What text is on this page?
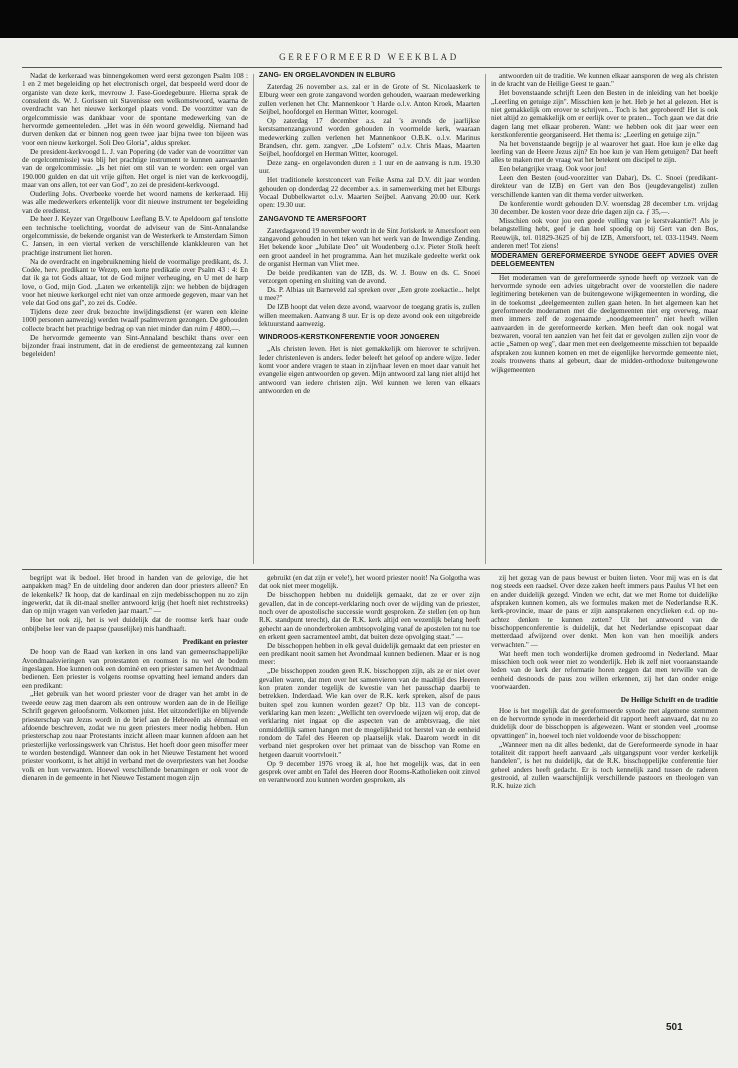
GEREFORMEERD WEEKBLAD

Nadat de kerkeraad was binnengekomen werd eerst gezongen Psalm 108 : 1 en 2 met begeleiding op het electronisch orgel, dat bespeeld werd door de organiste van deze kerk, mevrouw J. Fase-Goedegebuure. Hierna sprak de consulent ds. W. J. Gorissen uit Stavenisse een welkomstwoord, waarna de overdracht van het nieuwe kerkorgel plaats vond. De voorzitter van de orgelcommissie was dankbaar voor de spontane medewerking van de hervormde gemeenteleden. „Het was in één woord geweldig. Niemand had durven denken dat er binnen nog geen twee jaar bijna twee ton bijeen was voor een nieuw kerkorgel. Soli Deo Gloria", aldus spreker.

De president-kerkvoogd L. J. van Popering (de vader van de voorzitter van de orgelcommissie) was blij het prachtige instrument te kunnen aanvaarden van de orgelcommissie. „Is het niet om stil van te worden: een orgel van 190.000 gulden en dat uit vrije giften. Het orgel is niet van de kerkvoogdij, maar van ons allen, tot eer van God", zo zei de president-kerkvoogd.

Ouderling Johs. Overbeeke voerde het woord namens de kerkeraad. Hij was alle medewerkers erkentelijk voor dit nieuwe instrument ter begeleiding van de eredienst.

De heer J. Keyzer van Orgelbouw Leeflang B.V. te Apeldoorn gaf tenslotte een technische toelichting, voordat de adviseur van de Sint-Annalandse orgelcommissie, de bekende organist van de Westerkerk te Amsterdam Simon C. Jansen, in een viertal verken de verschillende klankkleuren van het prachtige instrument liet horen.

Na de overdracht en ingebruikneming hield de voormalige predikant, ds. J. Codée, herv. predikant te Wezep, een korte predikatie over Psalm 43 : 4: En dat ik ga tot Gods altaar, tot de God mijner verheuging, en U met de harp love, o God, mijn God. „Laten we erkentelijk zijn: we hebben de bijdragen voor het nieuwe kerkorgel echt niet van onze armoede gegeven, maar van het vele dat God ons gaf", zo zei ds. Codée.

Tijdens deze zeer druk bezochte inwijdingsdienst (er waren een kleine 1000 personen aanwezig) werden twaalf psalmverzen gezongen. De gehouden collecte bracht het prachtige bedrag op van niet minder dan ruim ƒ 4800,—.

De hervormde gemeente van Sint-Annaland beschikt thans over een bijzonder fraai instrument, dat in de eredienst de gemeentezang zal kunnen begeleiden!

ZANG- EN ORGELAVONDEN IN ELBURG

Zaterdag 26 november a.s. zal er in de Grote of St. Nicolaaskerk te Elburg weer een grote zangavond worden gehouden, waaraan medewerking zullen verlenen het Chr. Mannenkoor 't Harde o.l.v. Anton Kroek, Maarten Seijbel, hoofdorgel en Herman Witter, koorogel.

Op zaterdag 17 december a.s. zal 's avonds de jaarlijkse kerstsamenzangavond worden gehouden in voormelde kerk, waaraan medewerking zullen verlenen het Mannenkoor O.B.K. o.l.v. Marinus Brandsen, chr. gem. zangver. „De Lofstem" o.l.v. Chris Maas, Maarten Seijbel, hoofdorgel en Herman Witter, koorogel.

Deze zang- en orgelavonden duren ± 1 uur en de aanvang is n.m. 19.30 uur.

Het traditionele kerstconcert van Feike Asma zal D.V. dit jaar worden gehouden op donderdag 22 december a.s. in samenwerking met het Elburgs Vocaal Dubbelkwartet o.l.v. Maarten Seijbel. Aanvang 20.00 uur. Kerk open: 19.30 uur.

ZANGAVOND TE AMERSFOORT

Zaterdagavond 19 november wordt in de Sint Joriskerk te Amersfoort een zangavond gehouden in het teken van het werk van de Inwendige Zending. Het bekende koor „Jubilate Deo" uit Woudenberg o.l.v. Pieter Stolk heeft een groot aandeel in het programma. Aan het muzikale gedeelte werkt ook de organist Herman van Vliet mee.

De beide predikanten van de IZB, ds. W. J. Bouw en ds. C. Snoei verzorgen opening en sluiting van de avond.

Ds. P. Albias uit Barneveld zal spreken over „Een grote zoekactie... helpt u mee?"

De IZB hoopt dat velen deze avond, waarvoor de toegang gratis is, zullen willen meemaken. Aanvang 8 uur. Er is op deze avond ook een uitgebreide lektuurstand aanwezig.

WINDROOS-KERSTKONFERENTIE VOOR JONGEREN

„Als christen leven. Het is niet gemakkelijk om hierover te schrijven. Ieder christenleven is anders. Ieder beleeft het geloof op andere wijze. Ieder komt voor andere vragen te staan in zijn/haar leven en moet daar vanuit het evangelie eigen antwoorden op geven. Mijn antwoord zal lang niet altijd het antwoord van iedere christen zijn. Wel kunnen we leren van elkaars antwoorden en de

antwoorden uit de traditie. We kunnen elkaar aansporen de weg als christen in de kracht van de Heilige Geest te gaan."

Het bovenstaande schrijft Leen den Besten in de inleiding van het boekje „Leerling en getuige zijn". Misschien ken je het. Heb je het al gelezen. Het is niet gemakkelijk om erover te schrijven... Toch is het geprobeerd! Het is ook niet altijd zo gemakkelijk om er eerlijk over te praten... Toch gaan we dat drie dagen lang met elkaar proberen. Want: we hebben ook dit jaar weer een kerstkonferentie georganiseerd. Het thema is: „Leerling en getuige zijn."

Na het bovenstaande begrijp je al waarover het gaat. Hoe kun je elke dag leerling van de Heere Jezus zijn? En hoe kun je van Hem getuigen? Dat heeft alles te maken met de vraag wat het betekent om discipel te zijn.

Een belangrijke vraag. Ook voor jou!

Leen den Besten (oud-voorzitter van Dabar), Ds. C. Snoei (predikant-direkteur van de IZB) en Gert van den Bos (jeugdevangelist) zullen verschillende kanten van dit thema verder uitwerken.

De konferentie wordt gehouden D.V. woensdag 28 december t.m. vrijdag 30 december. De kosten voor deze drie dagen zijn ca. ƒ 35,—.

Misschien ook voor jou een goede vulling van je kerstvakantie?! Als je belangstelling hebt, geef je dan heel spoedig op bij Gert van den Bos, Reeuwijk, tel. 01829-3625 of bij de IZB, Amersfoort, tel. 033-11949. Neem anderen met! Tot ziens!

MODERAMEN GEREFORMEERDE SYNODE GEEFT ADVIES OVER DEELGEMEENTEN

Het moderamen van de gereformeerde synode heeft op verzoek van de hervormde synode een advies uitgebracht over de voorstellen die nadere legitimering betekenen van de buitengewone wijkgemeenten in wording, die in de toekomst „deelgemeenten zullen gaan heten. In het algemeen kan het gereformeerde moderamen met die deelgemeenten niet erg overweg, maar men immers zelf de zogenaamde „noodgemeenten" niet heeft willen aanvaarden in de gereformeerde kerken. Men heeft dan ook nogal wat bezwaren, vooral ten aanzien van het feit dat er gevolgen zullen zijn voor de actie „Samen op weg", daar men met een deelgemeente misschien tot bepaalde afspraken zou kunnen komen en met de eigenlijke hervormde gemeente niet, zoals trouwens thans al gebeurt, daar de midden-orthodoxe buitengewone wijkgemeenten

begrijpt wat ik bedoel. Het brood in handen van de gelovige, die het aanpakken mag? En de uitdeling door anderen dan door priesters alleen? En de lekenkelk? Ik hoop, dat de kardinaal en zijn medebisschoppen nu zo zijn ingewerkt, dat ik dit-maal sneller antwoord krijg (het hoeft niet rechtstreeks) dan op mijn vragen van verleden jaar maart." —

Hoe het ook zij, het is wel duidelijk dat de roomse kerk haar oude onbijbelse leer van de paapse (pauselijke) mis handhaaft.

Predikant en priester

De hoop van de Raad van kerken in ons land van gemeenschappelijke Avondmaalsvieringen van protestanten en roomsen is nu wel de bodem ingeslagen. Hoe kunnen ook een dominé en een priester samen het Avondmaal bedienen. Een priester is volgens roomse opvatting heel iemand anders dan een predikant:

„Het gebruik van het woord priester voor de drager van het ambt in de tweede eeuw zag men daarom als een ontrouw worden aan de in de Heilige Schrift gegeven geloofsnorm. Volkomen juist. Het uitzonderlijke en blijvende priesterschap van Jezus wordt in de brief aan de Hebreeën als éénmaal en afdoende beschreven, zodat we nu geen priesters meer nodig hebben. Hun priesterschap zou naar Protestants inzicht alleen maar kunnen afdoen aan het priesterlijke verlossingswerk van Christus. Het hoeft door geen misoffer meer te worden bestendigd. Wanneer dan ook in het Nieuwe Testament het woord priester voorkomt, is het altijd in verband met de overpriesters van het Joodse volk en hun verwanten. Hoewel verschillende benamingen er ook voor de dienaren in de gemeente in het Nieuwe Testament mogen zijn

gebruikt (en dat zijn er vele!), het woord priester nooit! Na Golgotha was dat ook niet meer mogelijk.

De bisschoppen hebben nu duidelijk gemaakt, dat ze er over zijn gevallen, dat in de concept-verklaring noch over de wijding van de priester, noch over de apostolische successie wordt gesproken. Ze stellen (en op hun R.K. standpunt terecht), dat de R.K. kerk altijd een wezenlijk belang heeft gehecht aan de ononderbroken ambtsopvolging vanaf de apostelen tot nu toe en erkent geen sacramenteel ambt, dat buiten deze opvolging staat." —

De bisschoppen hebben in elk geval duidelijk gemaakt dat een priester en een predikant nooit samen het Avondmaal kunnen bedienen. Maar er is nog meer:

„De bisschoppen zouden geen R.K. bisschoppen zijn, als ze er niet over gevallen waren, dat men over het samenvieren van de maaltijd des Heeren kon praten zonder tegelijk de kwestie van het pausschap daarbij te betrekken. Inderdaad. Wie kan over de R.K. kerk spreken, alsof de paus buiten spel zou kunnen worden gezet? Op blz. 113 van de concept-verklaring kan men lezen: „Wellicht ten overvloede wijzen wij erop, dat de verklaring niet ingaat op die aspecten van de ambtsvraag, die niet onmiddellijk samen hangen met de mogelijkheid tot herstel van de eenheid rondom de Tafel des Heeren op plaatselijk vlak. Daarom wordt in dit verband niet gesproken over het primaat van de bisschop van Rome en hetgeen daaruit voortvloeit."

Op 9 december 1976 vroeg ik al, hoe het mogelijk was, dat in een gesprek over ambt en Tafel des Heeren door Rooms-Katholieken ooit zinvol en verantwoord zou kunnen worden gesproken, als

zij het gezag van de paus bewust er buiten lieten. Voor mij was en is dat nog steeds een raadsel. Over deze zaken heeft immers paus Paulus VI het een en ander duidelijk gezegd. Vinden we echt, dat we met Rome tot duidelijke afspraken kunnen komen, als we formules maken met de Nederlandse R.K. kerk-provincie, maar de paus er zijn aansprakenen encyclieken e.d. op nu-achtez denken te kunnen zetten? Uit het antwoord van de bisschoppenconferentie is duidelijk, dat het Nederlandse episcopaat daar metterdaad afwijzend over denkt. Men kon van hen moeilijk anders verwachten." —

Wat heeft men toch wonderlijke dromen gedroomd in Nederland. Maar misschien toch ook weer niet zo wonderlijk. Heb ik zelf niet vooraanstaande leden van de kerk der reformatie horen zeggen dat men terwille van de eenheid desnoods de paus zou willen erkennen, zij het dan onder enige voorwaarden.

De Heilige Schrift en de traditie

Hoe is het mogelijk dat de gereformeerde synode met algemene stemmen en de hervormde synode in meerderheid dit rapport heeft aanvaard, dat nu zo duidelijk door de bisschoppen is afgewezen. Want er stonden veel „roomse opvattingen" in, hoewel toch niet voldoende voor de bisschoppen:

„Wanneer men na dit alles bedenkt, dat de Gereformeerde synode in haar totaliteit dit rapport heeft aanvaard „als uitgangspunt voor verder kerkelijk handelen", is het nu duidelijk, dat de R.K. bisschoppelijke conferentie hier geheel anders heeft gedacht. Er is toch kennelijk zand tussen de raderen gestrooid, al zullen waarschijnlijk verschillende pastoors en theologen van R.K. huize zich

501
